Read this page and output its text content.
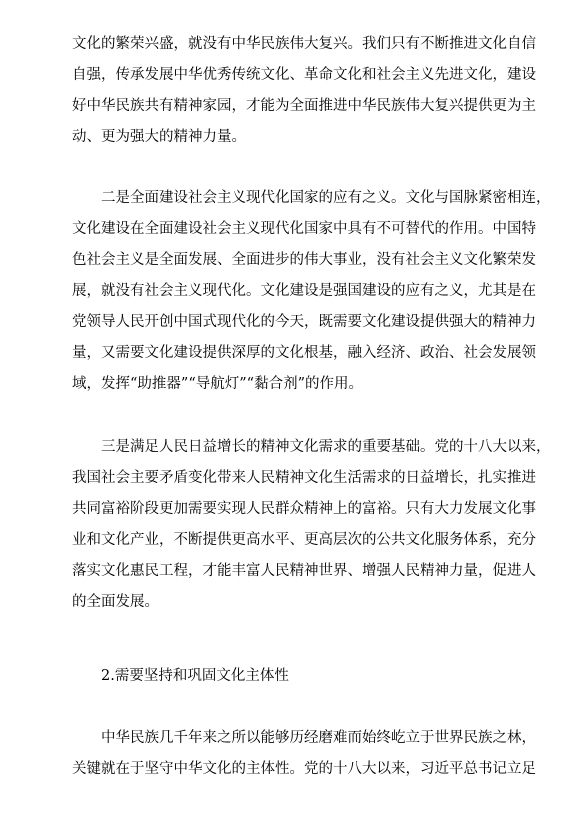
文化的繁荣兴盛，就没有中华民族伟大复兴。我们只有不断推进文化自信
自强，传承发展中华优秀传统文化、革命文化和社会主义先进文化，建设
好中华民族共有精神家园，才能为全面推进中华民族伟大复兴提供更为主
动、更为强大的精神力量。
二是全面建设社会主义现代化国家的应有之义。文化与国脉紧密相连，
文化建设在全面建设社会主义现代化国家中具有不可替代的作用。中国特
色社会主义是全面发展、全面进步的伟大事业，没有社会主义文化繁荣发
展，就没有社会主义现代化。文化建设是强国建设的应有之义，尤其是在
党领导人民开创中国式现代化的今天，既需要文化建设提供强大的精神力
量，又需要文化建设提供深厚的文化根基，融入经济、政治、社会发展领
域，发挥“助推器”“导航灯”“黏合剂”的作用。
三是满足人民日益增长的精神文化需求的重要基础。党的十八大以来，
我国社会主要矛盾变化带来人民精神文化生活需求的日益增长，扎实推进
共同富裕阶段更加需要实现人民群众精神上的富裕。只有大力发展文化事
业和文化产业，不断提供更高水平、更高层次的公共文化服务体系，充分
落实文化惠民工程，才能丰富人民精神世界、增强人民精神力量，促进人
的全面发展。
2.需要坚持和巩固文化主体性
中华民族几千年来之所以能够历经磨难而始终屹立于世界民族之林，
关键就在于坚守中华文化的主体性。党的十八大以来，习近平总书记立足
